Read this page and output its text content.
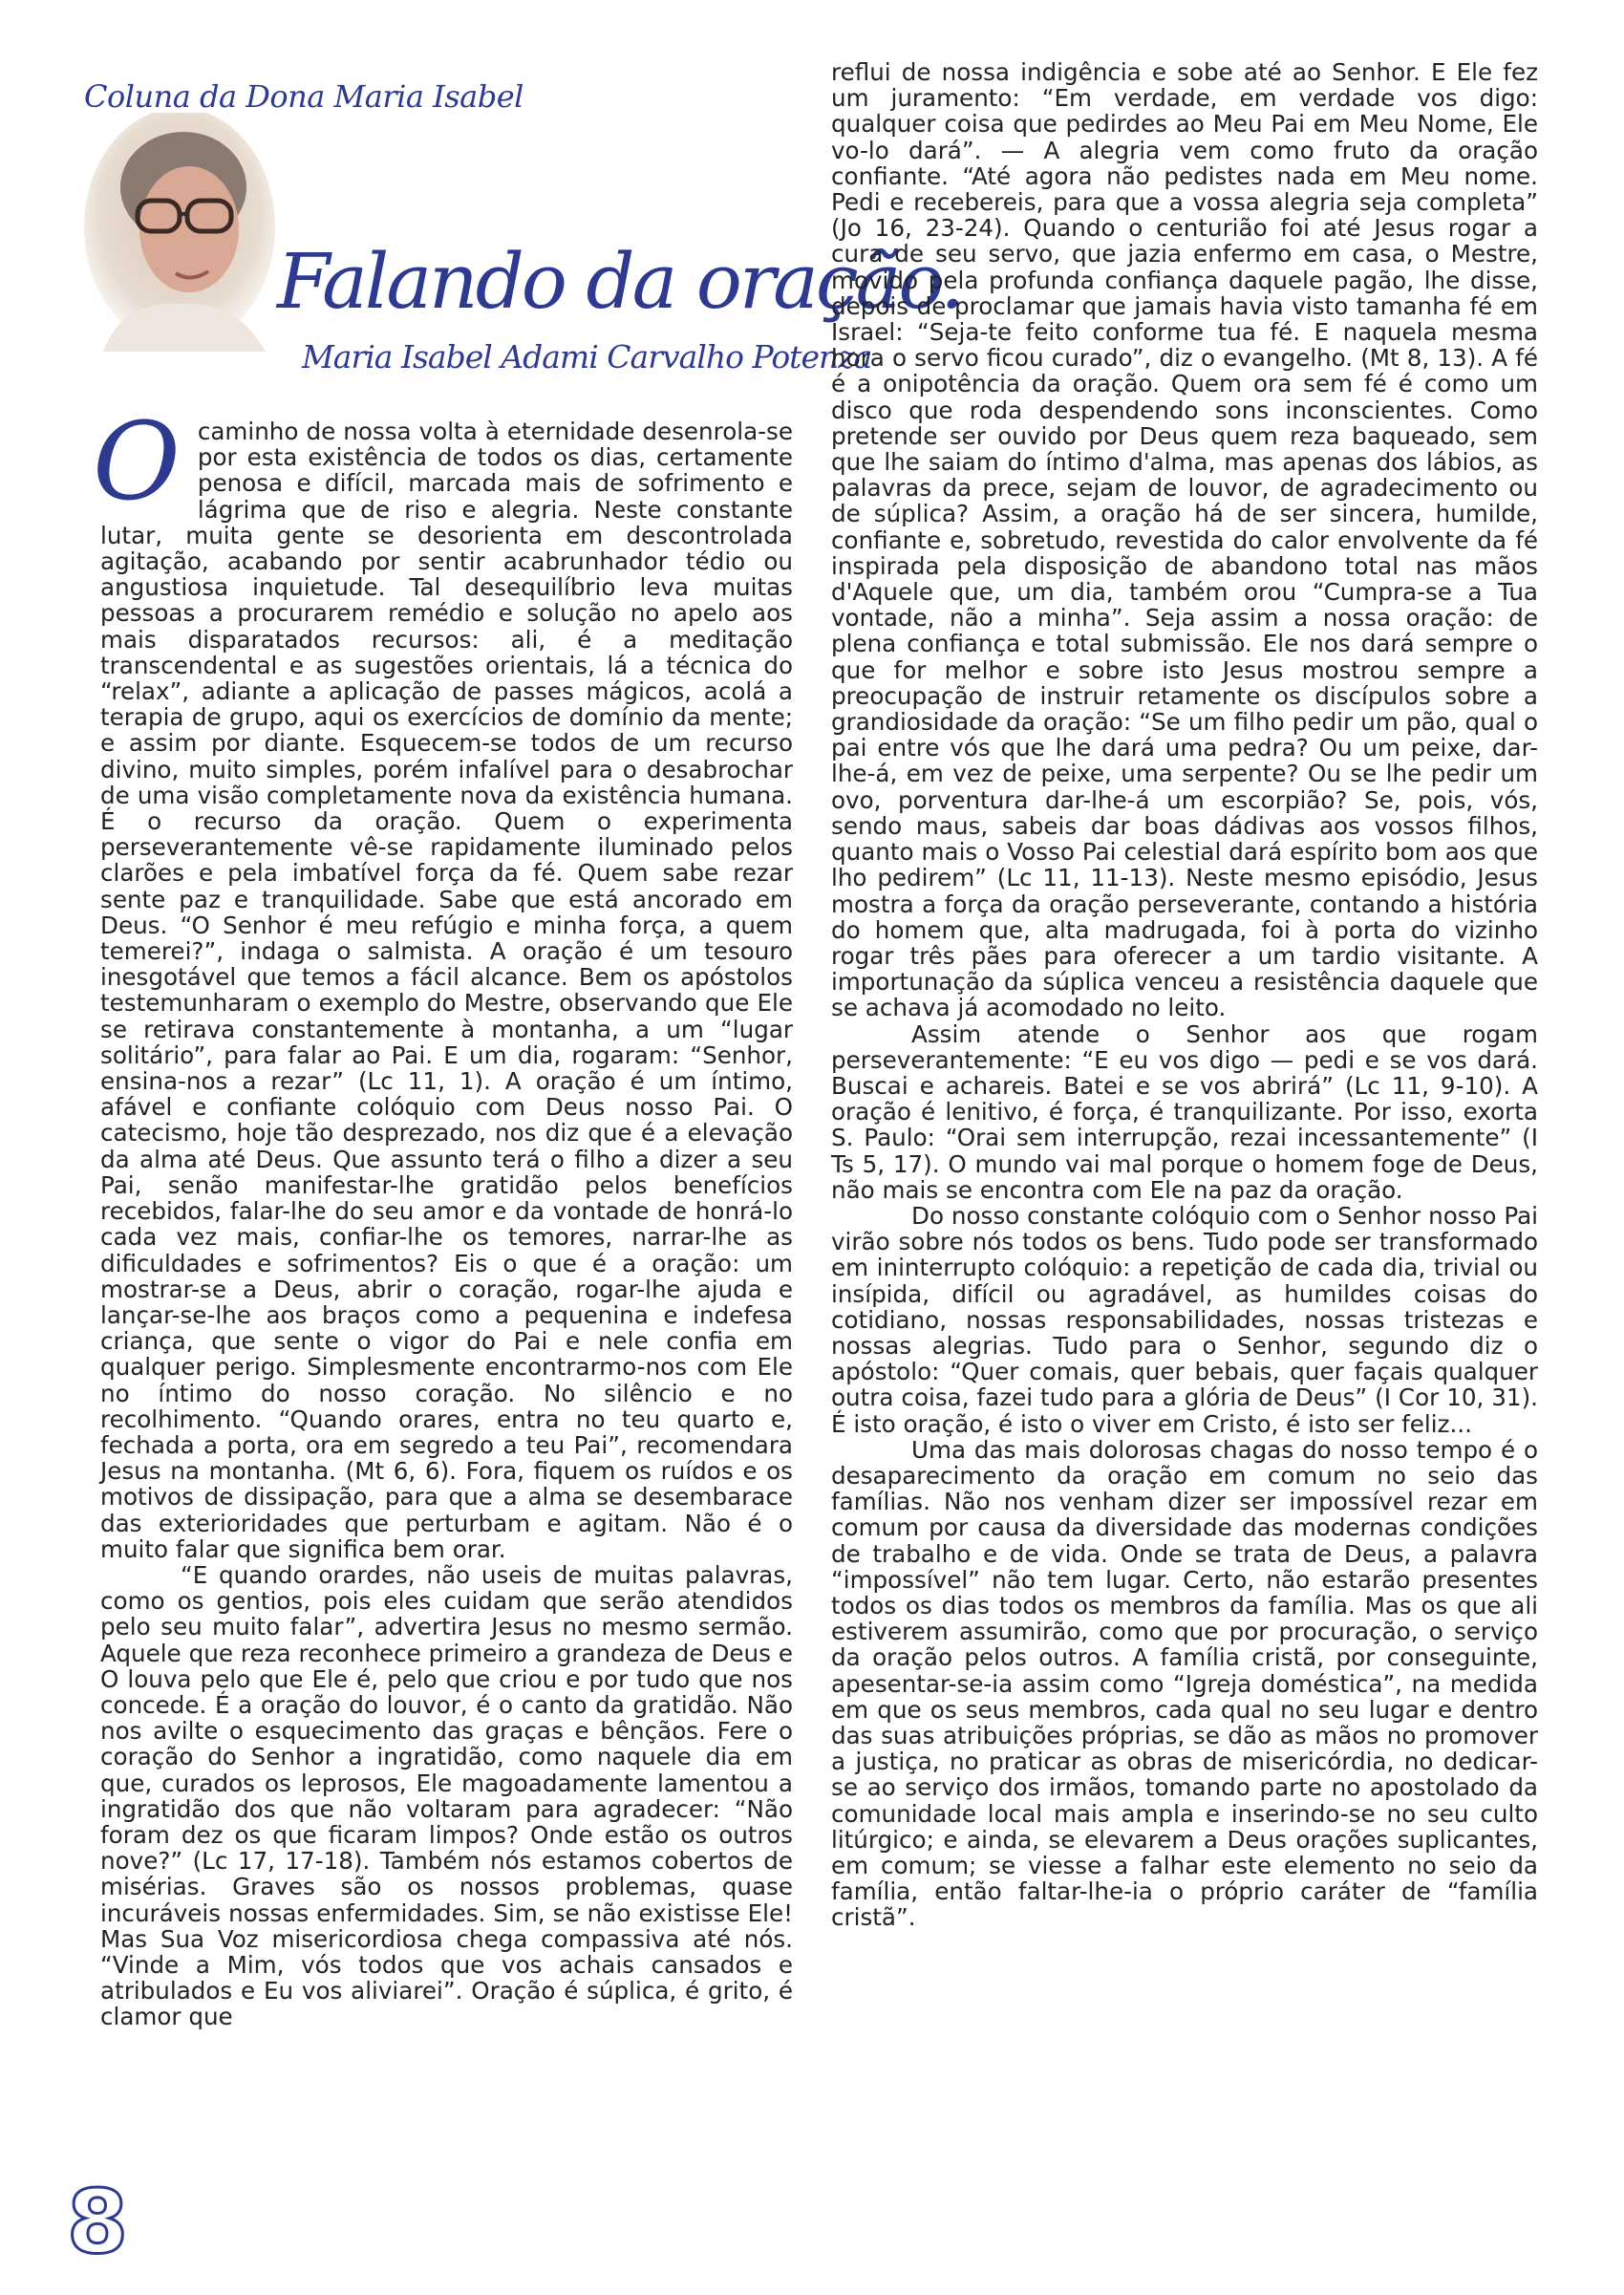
Coluna da Dona Maria Isabel
Falando da oração.
Maria Isabel Adami Carvalho Potenza

Ocaminho de nossa volta à eternidade desenrola-se por esta existência de todos os dias, certamente penosa e difícil, marcada mais de sofrimento e lágrima que de riso e alegria. Neste constante lutar, muita gente se desorienta em descontrolada agitação, acabando por sentir acabrunhador tédio ou angustiosa inquietude. Tal desequilíbrio leva muitas pessoas a procurarem remédio e solução no apelo aos mais disparatados recursos: ali, é a meditação transcendental e as sugestões orientais, lá a técnica do “relax”, adiante a aplicação de passes mágicos, acolá a terapia de grupo, aqui os exercícios de domínio da mente; e assim por diante. Esquecem-se todos de um recurso divino, muito simples, porém infalível para o desabrochar de uma visão completamente nova da existência humana. É o recurso da oração. Quem o experimenta perseverantemente vê-se rapidamente iluminado pelos clarões e pela imbatível força da fé. Quem sabe rezar sente paz e tranquilidade. Sabe que está ancorado em Deus. “O Senhor é meu refúgio e minha força, a quem temerei?”, indaga o salmista. A oração é um tesouro inesgotável que temos a fácil alcance. Bem os apóstolos testemunharam o exemplo do Mestre, observando que Ele se retirava constantemente à montanha, a um “lugar solitário”, para falar ao Pai. E um dia, rogaram: “Senhor, ensina-nos a rezar” (Lc 11, 1). A oração é um íntimo, afável e confiante colóquio com Deus nosso Pai. O catecismo, hoje tão desprezado, nos diz que é a elevação da alma até Deus. Que assunto terá o filho a dizer a seu Pai, senão manifestar-lhe gratidão pelos benefícios recebidos, falar-lhe do seu amor e da vontade de honrá-lo cada vez mais, confiar-lhe os temores, narrar-lhe as dificuldades e sofrimentos? Eis o que é a oração: um mostrar-se a Deus, abrir o coração, rogar-lhe ajuda e lançar-se-lhe aos braços como a pequenina e indefesa criança, que sente o vigor do Pai e nele confia em qualquer perigo. Simplesmente encontrarmo-nos com Ele no íntimo do nosso coração. No silêncio e no recolhimento. “Quando orares, entra no teu quarto e, fechada a porta, ora em segredo a teu Pai”, recomendara Jesus na montanha. (Mt 6, 6). Fora, fiquem os ruídos e os motivos de dissipação, para que a alma se desembarace das exterioridades que perturbam e agitam. Não é o muito falar que significa bem orar.

“E quando orardes, não useis de muitas palavras, como os gentios, pois eles cuidam que serão atendidos pelo seu muito falar”, advertira Jesus no mesmo sermão. Aquele que reza reconhece primeiro a grandeza de Deus e O louva pelo que Ele é, pelo que criou e por tudo que nos concede. É a oração do louvor, é o canto da gratidão. Não nos avilte o esquecimento das graças e bênçãos. Fere o coração do Senhor a ingratidão, como naquele dia em que, curados os leprosos, Ele magoadamente lamentou a ingratidão dos que não voltaram para agradecer: “Não foram dez os que ficaram limpos? Onde estão os outros nove?” (Lc 17, 17-18). Também nós estamos cobertos de misérias. Graves são os nossos problemas, quase incuráveis nossas enfermidades. Sim, se não existisse Ele! Mas Sua Voz misericordiosa chega compassiva até nós. “Vinde a Mim, vós todos que vos achais cansados e atribulados e Eu vos aliviarei”. Oração é súplica, é grito, é clamor que

reflui de nossa indigência e sobe até ao Senhor. E Ele fez um juramento: “Em verdade, em verdade vos digo: qualquer coisa que pedirdes ao Meu Pai em Meu Nome, Ele vo-lo dará”. — A alegria vem como fruto da oração confiante. “Até agora não pedistes nada em Meu nome. Pedi e recebereis, para que a vossa alegria seja completa” (Jo 16, 23-24). Quando o centurião foi até Jesus rogar a cura de seu servo, que jazia enfermo em casa, o Mestre, movido pela profunda confiança daquele pagão, lhe disse, depois de proclamar que jamais havia visto tamanha fé em Israel: “Seja-te feito conforme tua fé. E naquela mesma hora o servo ficou curado”, diz o evangelho. (Mt 8, 13). A fé é a onipotência da oração. Quem ora sem fé é como um disco que roda despendendo sons inconscientes. Como pretende ser ouvido por Deus quem reza baqueado, sem que lhe saiam do íntimo d'alma, mas apenas dos lábios, as palavras da prece, sejam de louvor, de agradecimento ou de súplica? Assim, a oração há de ser sincera, humilde, confiante e, sobretudo, revestida do calor envolvente da fé inspirada pela disposição de abandono total nas mãos d'Aquele que, um dia, também orou “Cumpra-se a Tua vontade, não a minha”. Seja assim a nossa oração: de plena confiança e total submissão. Ele nos dará sempre o que for melhor e sobre isto Jesus mostrou sempre a preocupação de instruir retamente os discípulos sobre a grandiosidade da oração: “Se um filho pedir um pão, qual o pai entre vós que lhe dará uma pedra? Ou um peixe, dar-lhe-á, em vez de peixe, uma serpente? Ou se lhe pedir um ovo, porventura dar-lhe-á um escorpião? Se, pois, vós, sendo maus, sabeis dar boas dádivas aos vossos filhos, quanto mais o Vosso Pai celestial dará espírito bom aos que lho pedirem” (Lc 11, 11-13). Neste mesmo episódio, Jesus mostra a força da oração perseverante, contando a história do homem que, alta madrugada, foi à porta do vizinho rogar três pães para oferecer a um tardio visitante. A importunação da súplica venceu a resistência daquele que se achava já acomodado no leito.

Assim atende o Senhor aos que rogam perseverantemente: “E eu vos digo — pedi e se vos dará. Buscai e achareis. Batei e se vos abrirá” (Lc 11, 9-10). A oração é lenitivo, é força, é tranquilizante. Por isso, exorta S. Paulo: “Orai sem interrupção, rezai incessantemente” (I Ts 5, 17). O mundo vai mal porque o homem foge de Deus, não mais se encontra com Ele na paz da oração.

Do nosso constante colóquio com o Senhor nosso Pai virão sobre nós todos os bens. Tudo pode ser transformado em ininterrupto colóquio: a repetição de cada dia, trivial ou insípida, difícil ou agradável, as humildes coisas do cotidiano, nossas responsabilidades, nossas tristezas e nossas alegrias. Tudo para o Senhor, segundo diz o apóstolo: “Quer comais, quer bebais, quer façais qualquer outra coisa, fazei tudo para a glória de Deus” (I Cor 10, 31). É isto oração, é isto o viver em Cristo, é isto ser feliz...

Uma das mais dolorosas chagas do nosso tempo é o desaparecimento da oração em comum no seio das famílias. Não nos venham dizer ser impossível rezar em comum por causa da diversidade das modernas condições de trabalho e de vida. Onde se trata de Deus, a palavra “impossível” não tem lugar. Certo, não estarão presentes todos os dias todos os membros da família. Mas os que ali estiverem assumirão, como que por procuração, o serviço da oração pelos outros. A família cristã, por conseguinte, apesentar-se-ia assim como “Igreja doméstica”, na medida em que os seus membros, cada qual no seu lugar e dentro das suas atribuições próprias, se dão as mãos no promover a justiça, no praticar as obras de misericórdia, no dedicar-se ao serviço dos irmãos, tomando parte no apostolado da comunidade local mais ampla e inserindo-se no seu culto litúrgico; e ainda, se elevarem a Deus orações suplicantes, em comum; se viesse a falhar este elemento no seio da família, então faltar-lhe-ia o próprio caráter de “família cristã”.

8
